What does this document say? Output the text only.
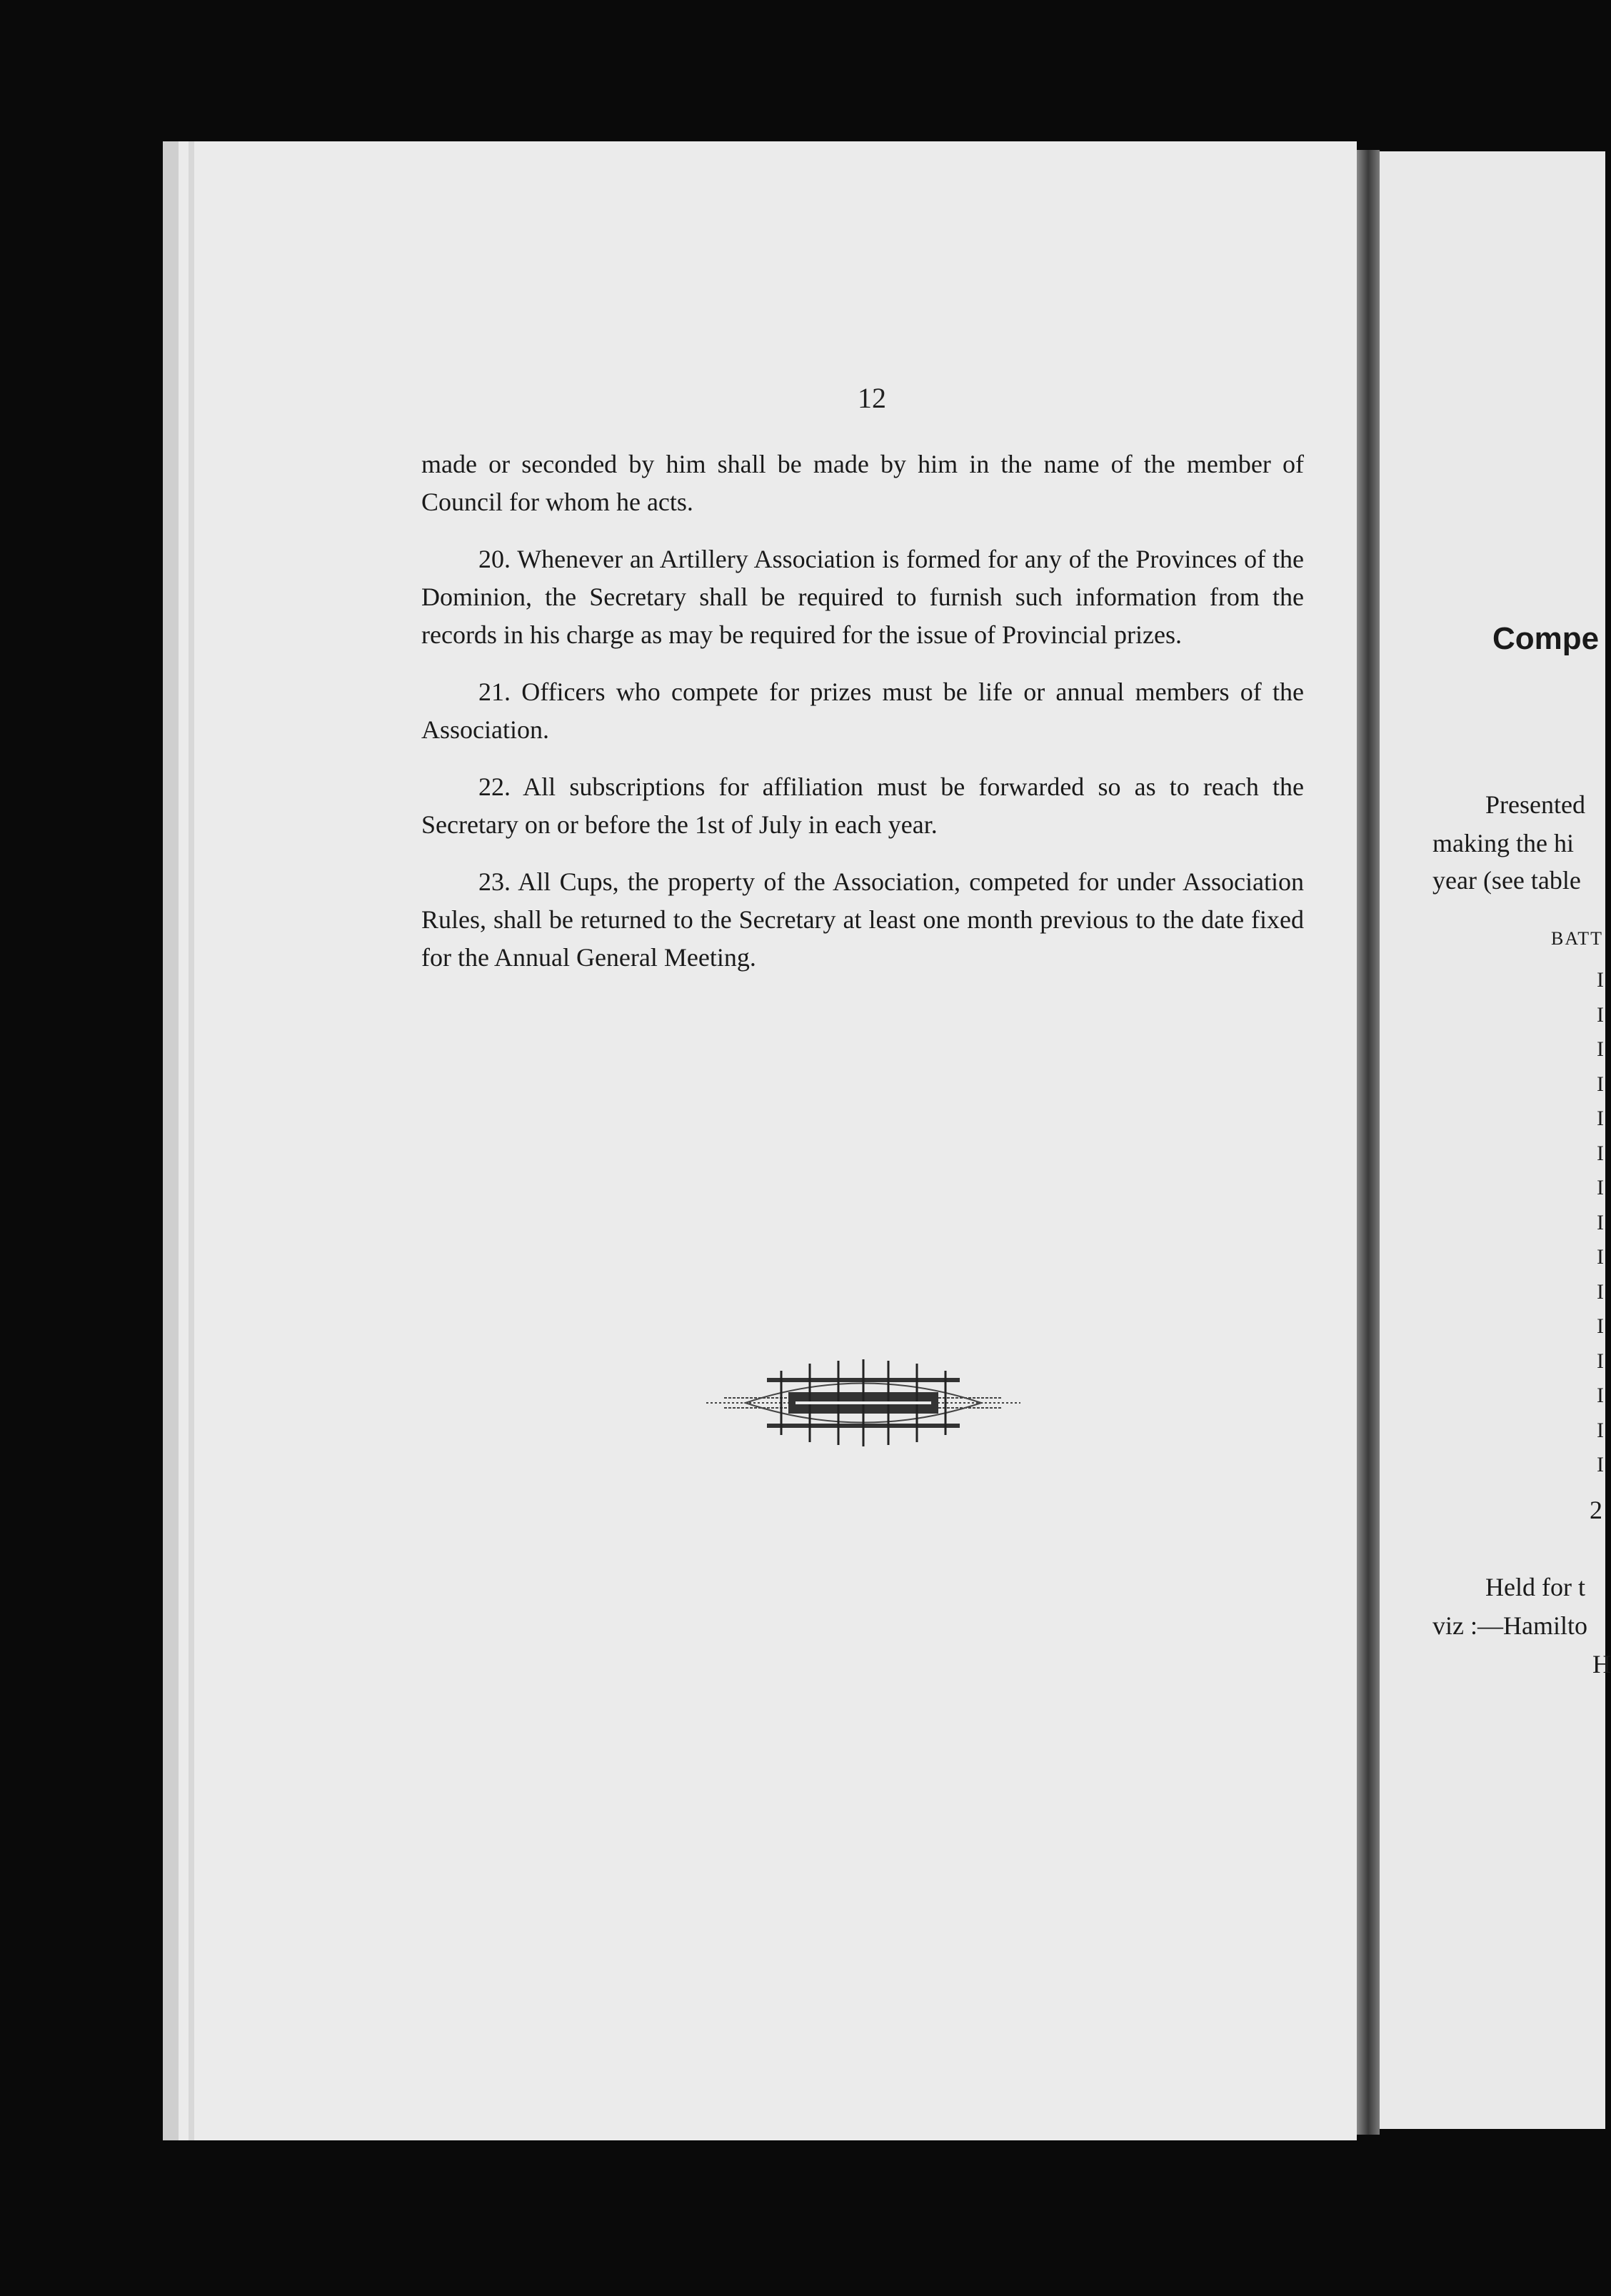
12

made or seconded by him shall be made by him in the name of the member of Council for whom he acts.

20. Whenever an Artillery Association is formed for any of the Provinces of the Dominion, the Secretary shall be required to furnish such information from the records in his charge as may be required for the issue of Provincial prizes.

21. Officers who compete for prizes must be life or annual members of the Association.

22. All subscriptions for affiliation must be forwarded so as to reach the Secretary on or before the 1st of July in each year.

23. All Cups, the property of the Association, competed for under Association Rules, shall be returned to the Secretary at least one month previous to the date fixed for the Annual General Meeting.

Compe
Presented
making the hi
year (see table
BATT
I
I
I
I
I
I
I
I
I
I
I
I
I
I
I
2
Held for t
viz :—Hamilto
H
